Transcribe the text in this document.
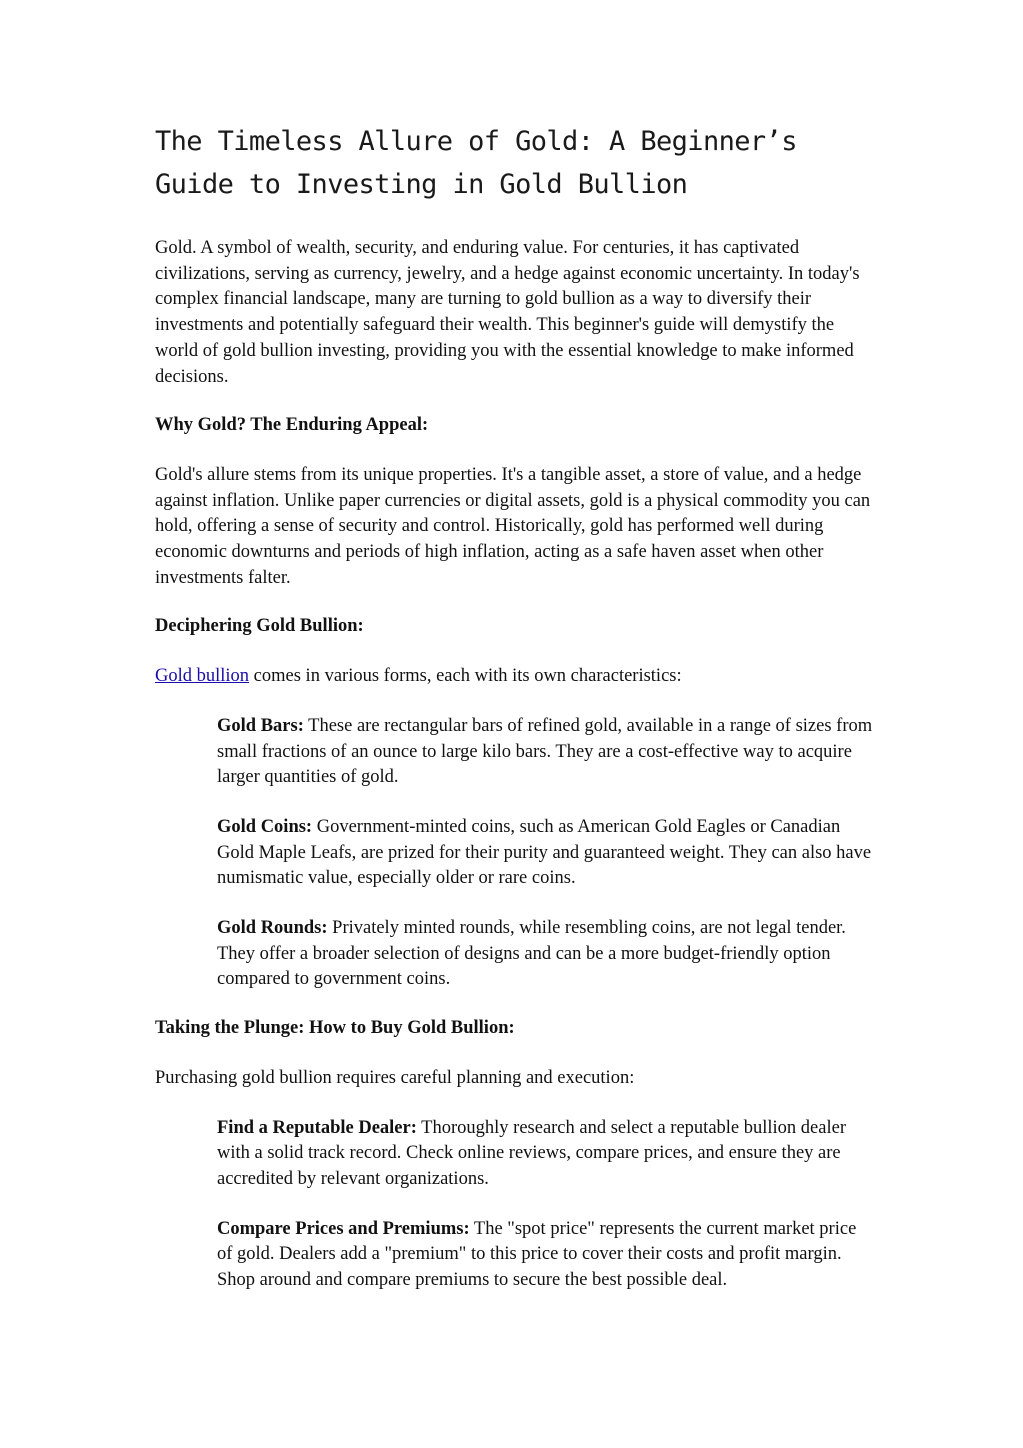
The Timeless Allure of Gold: A Beginner’s Guide to Investing in Gold Bullion

Gold. A symbol of wealth, security, and enduring value. For centuries, it has captivated civilizations, serving as currency, jewelry, and a hedge against economic uncertainty. In today's complex financial landscape, many are turning to gold bullion as a way to diversify their investments and potentially safeguard their wealth. This beginner's guide will demystify the world of gold bullion investing, providing you with the essential knowledge to make informed decisions.

Why Gold? The Enduring Appeal:

Gold's allure stems from its unique properties. It's a tangible asset, a store of value, and a hedge against inflation. Unlike paper currencies or digital assets, gold is a physical commodity you can hold, offering a sense of security and control. Historically, gold has performed well during economic downturns and periods of high inflation, acting as a safe haven asset when other investments falter.

Deciphering Gold Bullion:

Gold bullion comes in various forms, each with its own characteristics:

Gold Bars: These are rectangular bars of refined gold, available in a range of sizes from small fractions of an ounce to large kilo bars. They are a cost-effective way to acquire larger quantities of gold.

Gold Coins: Government-minted coins, such as American Gold Eagles or Canadian Gold Maple Leafs, are prized for their purity and guaranteed weight. They can also have numismatic value, especially older or rare coins.

Gold Rounds: Privately minted rounds, while resembling coins, are not legal tender. They offer a broader selection of designs and can be a more budget-friendly option compared to government coins.

Taking the Plunge: How to Buy Gold Bullion:

Purchasing gold bullion requires careful planning and execution:

Find a Reputable Dealer: Thoroughly research and select a reputable bullion dealer with a solid track record. Check online reviews, compare prices, and ensure they are accredited by relevant organizations.

Compare Prices and Premiums: The "spot price" represents the current market price of gold. Dealers add a "premium" to this price to cover their costs and profit margin. Shop around and compare premiums to secure the best possible deal.
